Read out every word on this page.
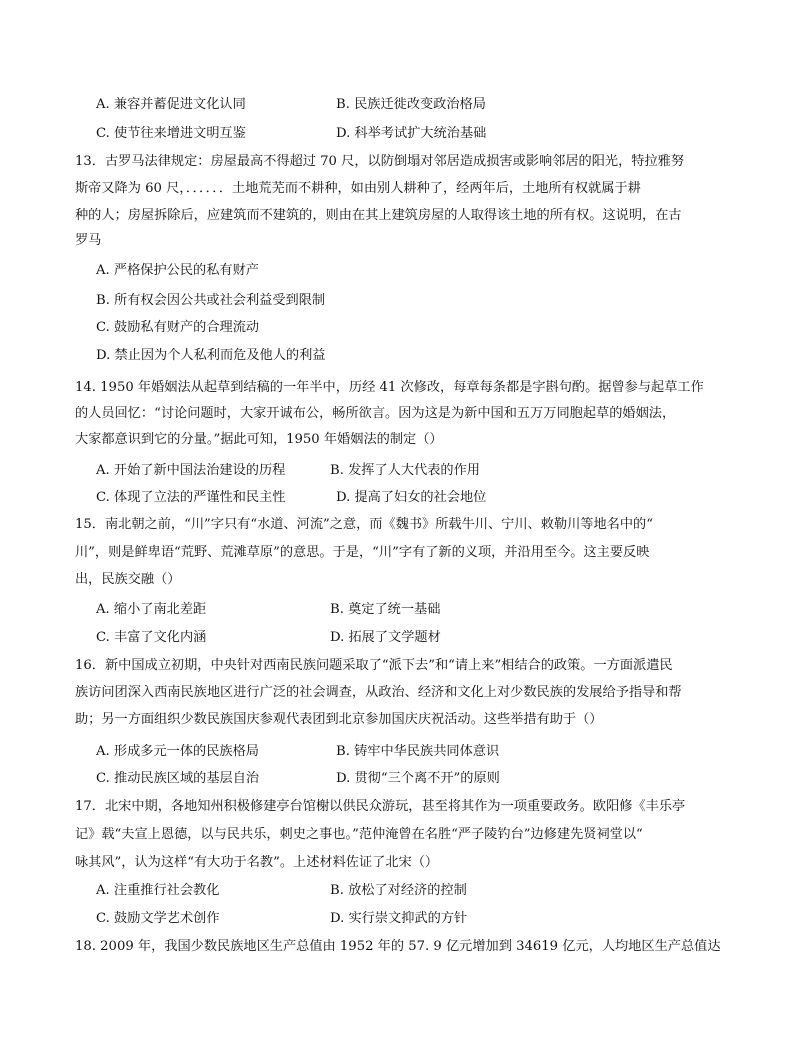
A. 兼容并蓄促进文化认同	B. 民族迁徙改变政治格局
C. 使节往来增进文明互鉴	D. 科举考试扩大统治基础
13．古罗马法律规定：房屋最高不得超过 70 尺，以防倒塌对邻居造成损害或影响邻居的阳光，特拉雅努
斯帝又降为 60 尺，．．．．．．土地荒芜而不耕种，如由别人耕种了，经两年后，土地所有权就属于耕
种的人；房屋拆除后，应建筑而不建筑的，则由在其上建筑房屋的人取得该土地的所有权。这说明，在古
罗马
A. 严格保护公民的私有财产
B. 所有权会因公共或社会利益受到限制
C. 鼓励私有财产的合理流动
D. 禁止因为个人私利而危及他人的利益
14. 1950 年婚姻法从起草到结稿的一年半中，历经 41 次修改，每章每条都是字斟句酌。据曾参与起草工作
的人员回忆：“讨论问题时，大家开诚布公，畅所欲言。因为这是为新中国和五万万同胞起草的婚姻法，
大家都意识到它的分量。”据此可知，1950 年婚姻法的制定（）
A. 开始了新中国法治建设的历程	B. 发挥了人大代表的作用
C. 体现了立法的严谨性和民主性	D. 提高了妇女的社会地位
15．南北朝之前，“川”字只有“水道、河流”之意，而《魏书》所载牛川、宁川、敕勒川等地名中的“
川”，则是鲜卑语“荒野、荒滩草原”的意思。于是，“川”字有了新的义项，并沿用至今。这主要反映
出，民族交融（）
A. 缩小了南北差距	B. 奠定了统一基础
C. 丰富了文化内涵	D. 拓展了文学题材
16．新中国成立初期，中央针对西南民族问题采取了“派下去”和“请上来”相结合的政策。一方面派遣民
族访问团深入西南民族地区进行广泛的社会调查，从政治、经济和文化上对少数民族的发展给予指导和帮
助；另一方面组织少数民族国庆参观代表团到北京参加国庆庆祝活动。这些举措有助于（）
A. 形成多元一体的民族格局	B. 铸牢中华民族共同体意识
C. 推动民族区域的基层自治	D. 贯彻“三个离不开”的原则
17．北宋中期，各地知州积极修建亭台馆榭以供民众游玩，甚至将其作为一项重要政务。欧阳修《丰乐亭
记》载“夫宣上恩德，以与民共乐，刺史之事也。”范仲淹曾在名胜“严子陵钓台”边修建先贤祠堂以“
咏其风”，认为这样“有大功于名教”。上述材料佐证了北宋（）
A. 注重推行社会教化	B. 放松了对经济的控制
C. 鼓励文学艺术创作	D. 实行崇文抑武的方针
18. 2009 年，我国少数民族地区生产总值由 1952 年的 57. 9 亿元增加到 34619 亿元，人均地区生产总值达
